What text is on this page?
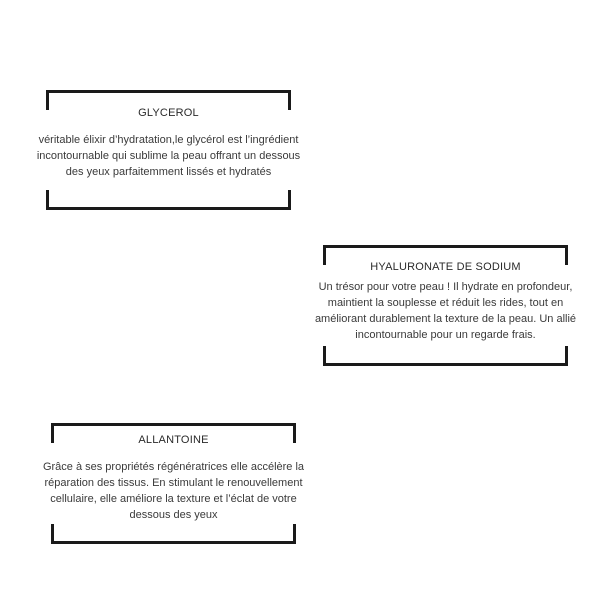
GLYCEROL
véritable élixir d’hydratation,le glycérol est l’ingrédient
incontournable qui sublime la peau offrant un dessous
des yeux parfaitemment lissés et hydratés
HYALURONATE DE SODIUM
Un trésor pour votre peau ! Il hydrate en profondeur,
maintient la souplesse et réduit les rides, tout en
améliorant durablement la texture de la peau. Un allié
incontournable pour un regarde frais.
ALLANTOINE
Grâce à ses propriétés régénératrices elle accélère la
réparation des tissus. En stimulant le renouvellement
cellulaire, elle améliore la texture et l’éclat de votre
dessous des yeux
